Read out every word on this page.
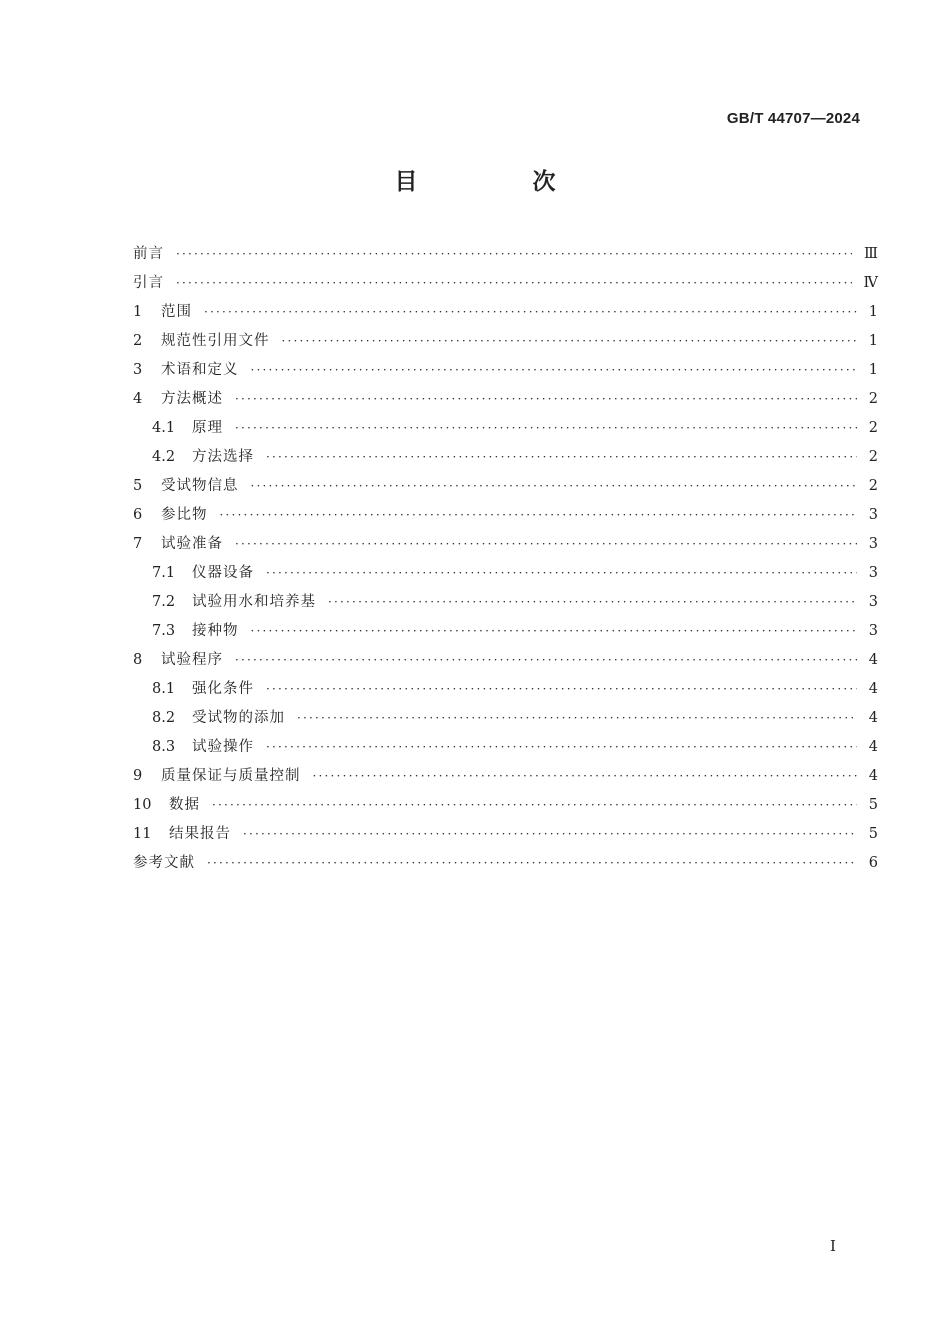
GB/T 44707—2024
目　次
前言 ·····	Ⅲ
引言 ·····	Ⅳ
1	范围 ·····	1
2	规范性引用文件 ·····	1
3	术语和定义 ·····	1
4	方法概述 ·····	2
4.1	原理 ·····	2
4.2	方法选择 ·····	2
5	受试物信息 ·····	2
6	参比物 ·····	3
7	试验准备 ·····	3
7.1	仪器设备 ·····	3
7.2	试验用水和培养基 ·····	3
7.3	接种物 ·····	3
8	试验程序 ·····	4
8.1	强化条件 ·····	4
8.2	受试物的添加 ·····	4
8.3	试验操作 ·····	4
9	质量保证与质量控制 ·····	4
10	数据 ·····	5
11	结果报告 ·····	5
参考文献 ·····	6
Ⅰ
